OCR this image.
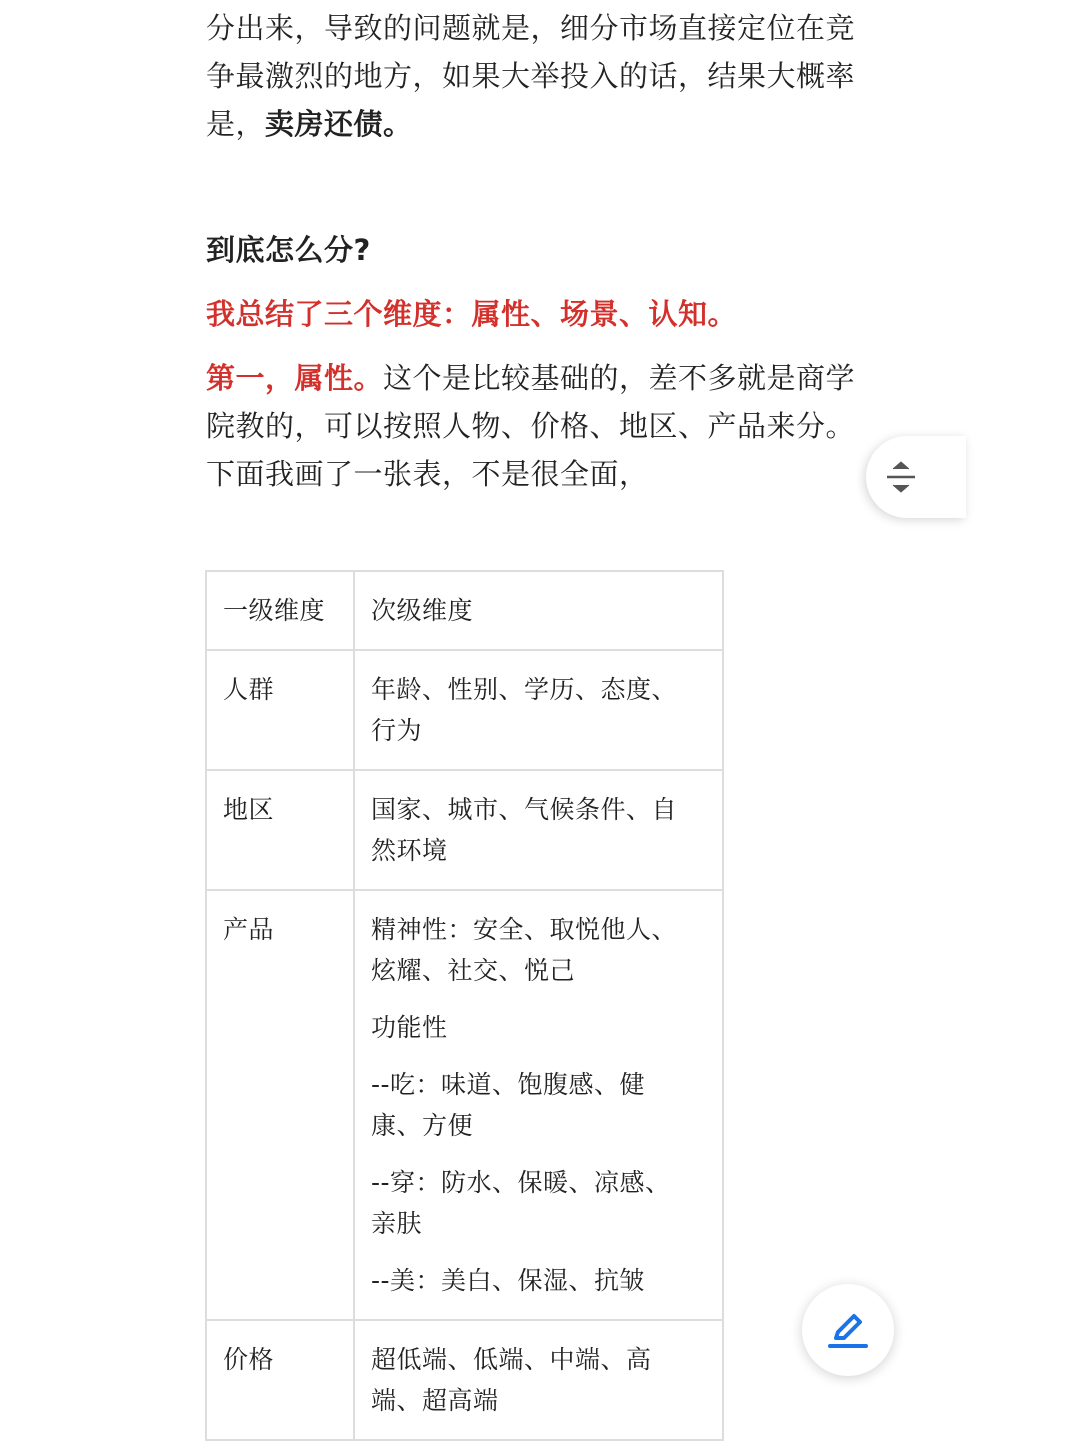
分出来，导致的问题就是，细分市场直接定位在竞
争最激烈的地方，如果大举投入的话，结果大概率
是，卖房还债。
到底怎么分?
我总结了三个维度：属性、场景、认知。
第一，属性。这个是比较基础的，差不多就是商学
院教的，可以按照人物、价格、地区、产品来分。
下面我画了一张表，不是很全面，
一级维度	次级维度
人群	年龄、性别、学历、态度、行为

地区	国家、城市、气候条件、自然环境

产品	精神性：安全、取悦他人、炫耀、社交、悦己
功能性
--吃：味道、饱腹感、健康、方便
--穿：防水、保暖、凉感、亲肤
--美：美白、保湿、抗皱

价格	超低端、低端、中端、高端、超高端
